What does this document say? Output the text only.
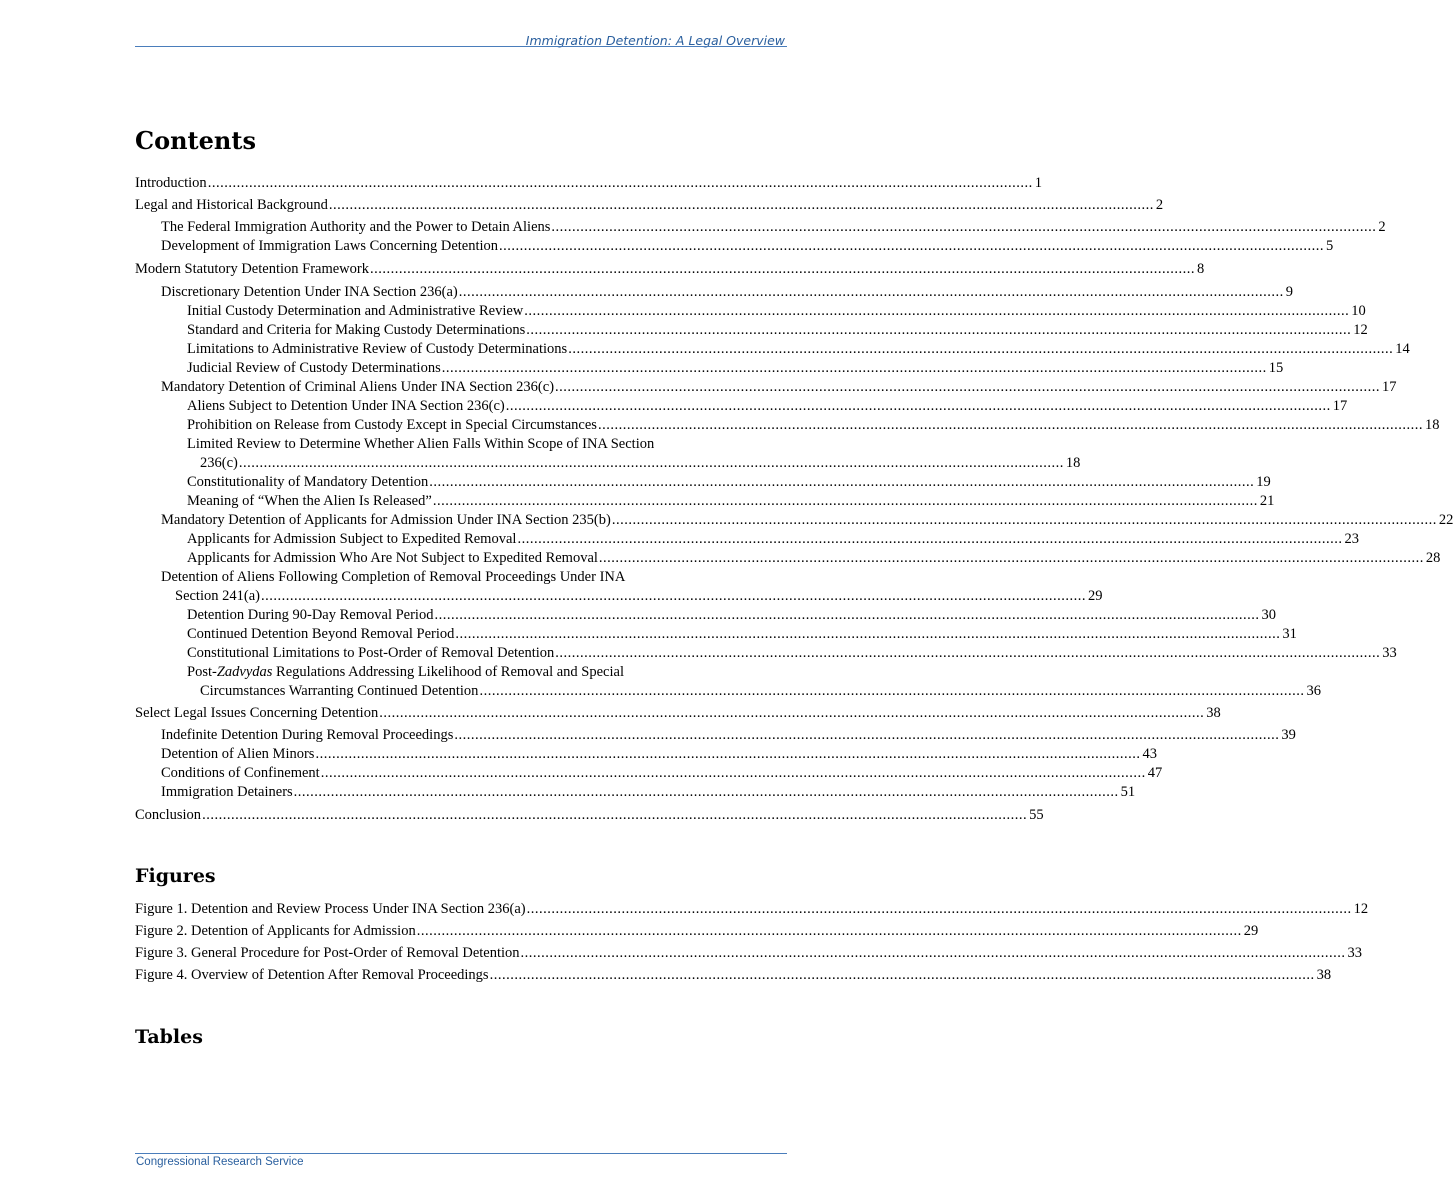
Immigration Detention: A Legal Overview
Contents
Introduction ........................................................................................................................................................................................................ 1
Legal and Historical Background ........................................................................................................................................................................................................ 2
The Federal Immigration Authority and the Power to Detain Aliens ........................................................................................................................................................................................................ 2
Development of Immigration Laws Concerning Detention ........................................................................................................................................................................................................ 5
Modern Statutory Detention Framework ........................................................................................................................................................................................................ 8
Discretionary Detention Under INA Section 236(a) ........................................................................................................................................................................................................ 9
Initial Custody Determination and Administrative Review ........................................................................................................................................................................................................ 10
Standard and Criteria for Making Custody Determinations ........................................................................................................................................................................................................ 12
Limitations to Administrative Review of Custody Determinations ........................................................................................................................................................................................................ 14
Judicial Review of Custody Determinations ........................................................................................................................................................................................................ 15
Mandatory Detention of Criminal Aliens Under INA Section 236(c) ........................................................................................................................................................................................................ 17
Aliens Subject to Detention Under INA Section 236(c) ........................................................................................................................................................................................................ 17
Prohibition on Release from Custody Except in Special Circumstances ........................................................................................................................................................................................................ 18
Limited Review to Determine Whether Alien Falls Within Scope of INA Section
236(c) ........................................................................................................................................................................................................ 18
Constitutionality of Mandatory Detention ........................................................................................................................................................................................................ 19
Meaning of “When the Alien Is Released” ........................................................................................................................................................................................................ 21
Mandatory Detention of Applicants for Admission Under INA Section 235(b) ........................................................................................................................................................................................................ 22
Applicants for Admission Subject to Expedited Removal ........................................................................................................................................................................................................ 23
Applicants for Admission Who Are Not Subject to Expedited Removal ........................................................................................................................................................................................................ 28
Detention of Aliens Following Completion of Removal Proceedings Under INA
Section 241(a) ........................................................................................................................................................................................................ 29
Detention During 90-Day Removal Period ........................................................................................................................................................................................................ 30
Continued Detention Beyond Removal Period ........................................................................................................................................................................................................ 31
Constitutional Limitations to Post-Order of Removal Detention ........................................................................................................................................................................................................ 33
Post-Zadvydas Regulations Addressing Likelihood of Removal and Special
Circumstances Warranting Continued Detention ........................................................................................................................................................................................................ 36
Select Legal Issues Concerning Detention ........................................................................................................................................................................................................ 38
Indefinite Detention During Removal Proceedings ........................................................................................................................................................................................................ 39
Detention of Alien Minors ........................................................................................................................................................................................................ 43
Conditions of Confinement ........................................................................................................................................................................................................ 47
Immigration Detainers ........................................................................................................................................................................................................ 51
Conclusion ........................................................................................................................................................................................................ 55
Figure 1. Detention and Review Process Under INA Section 236(a) ........................................................................................................................................................................................................ 12
Figure 2. Detention of Applicants for Admission ........................................................................................................................................................................................................ 29
Figure 3. General Procedure for Post-Order of Removal Detention ........................................................................................................................................................................................................ 33
Figure 4. Overview of Detention After Removal Proceedings ........................................................................................................................................................................................................ 38
Figures
Tables
Congressional Research Service
